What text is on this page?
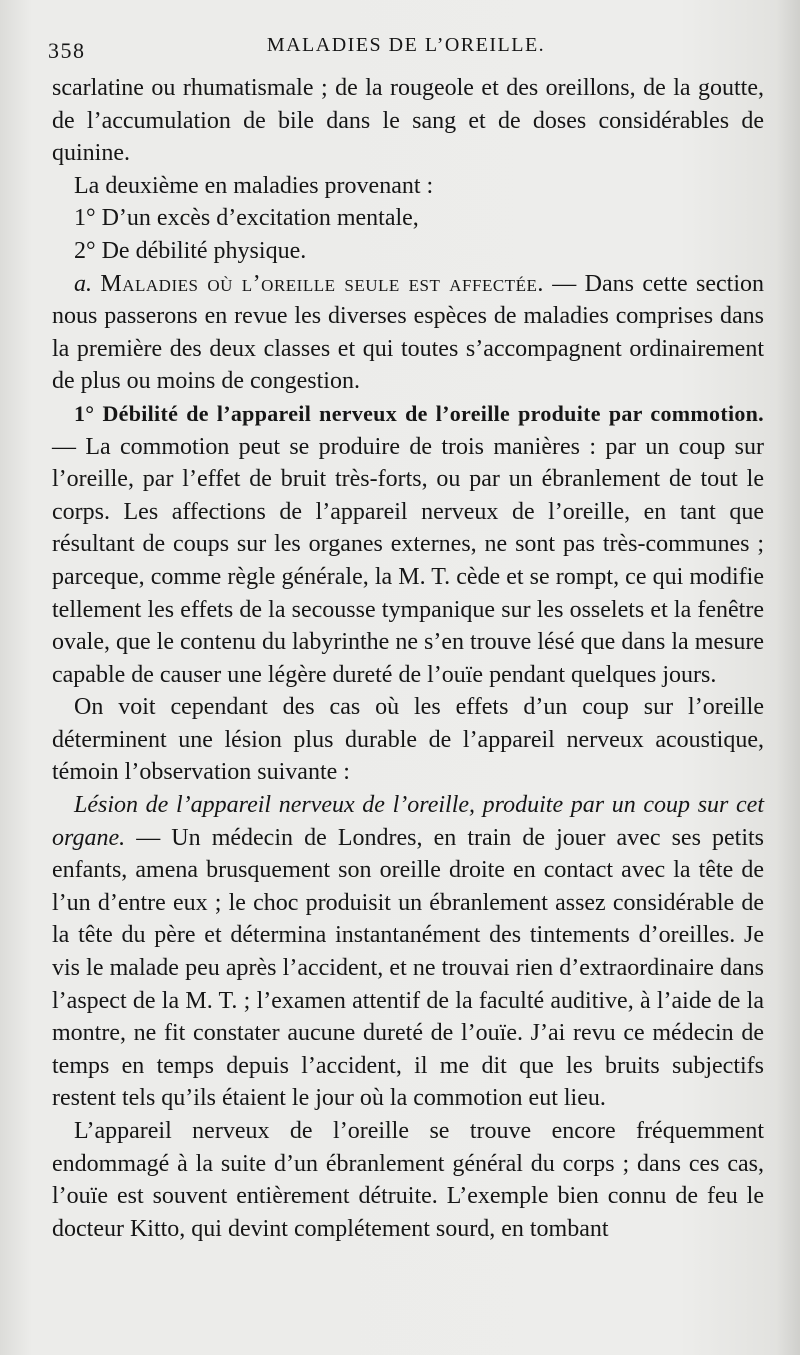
358	MALADIES DE L’OREILLE.

scarlatine ou rhumatismale ; de la rougeole et des oreillons, de la goutte, de l’accumulation de bile dans le sang et de doses considérables de quinine.

La deuxième en maladies provenant :

1° D’un excès d’excitation mentale,

2° De débilité physique.

a. Maladies où l’oreille seule est affectée. — Dans cette section nous passerons en revue les diverses espèces de maladies comprises dans la première des deux classes et qui toutes s’accompagnent ordinairement de plus ou moins de congestion.

1° Débilité de l’appareil nerveux de l’oreille produite par commotion. — La commotion peut se produire de trois manières : par un coup sur l’oreille, par l’effet de bruit très-forts, ou par un ébranlement de tout le corps. Les affections de l’appareil nerveux de l’oreille, en tant que résultant de coups sur les organes externes, ne sont pas très-communes ; parceque, comme règle générale, la M. T. cède et se rompt, ce qui modifie tellement les effets de la secousse tympanique sur les osselets et la fenêtre ovale, que le contenu du labyrinthe ne s’en trouve lésé que dans la mesure capable de causer une légère dureté de l’ouïe pendant quelques jours.

On voit cependant des cas où les effets d’un coup sur l’oreille déterminent une lésion plus durable de l’appareil nerveux acoustique, témoin l’observation suivante :

Lésion de l’appareil nerveux de l’oreille, produite par un coup sur cet organe. — Un médecin de Londres, en train de jouer avec ses petits enfants, amena brusquement son oreille droite en contact avec la tête de l’un d’entre eux ; le choc produisit un ébranlement assez considérable de la tête du père et détermina instantanément des tintements d’oreilles. Je vis le malade peu après l’accident, et ne trouvai rien d’extraordinaire dans l’aspect de la M. T. ; l’examen attentif de la faculté auditive, à l’aide de la montre, ne fit constater aucune dureté de l’ouïe. J’ai revu ce médecin de temps en temps depuis l’accident, il me dit que les bruits subjectifs restent tels qu’ils étaient le jour où la commotion eut lieu.

L’appareil nerveux de l’oreille se trouve encore fréquemment endommagé à la suite d’un ébranlement général du corps ; dans ces cas, l’ouïe est souvent entièrement détruite. L’exemple bien connu de feu le docteur Kitto, qui devint complétement sourd, en tombant
